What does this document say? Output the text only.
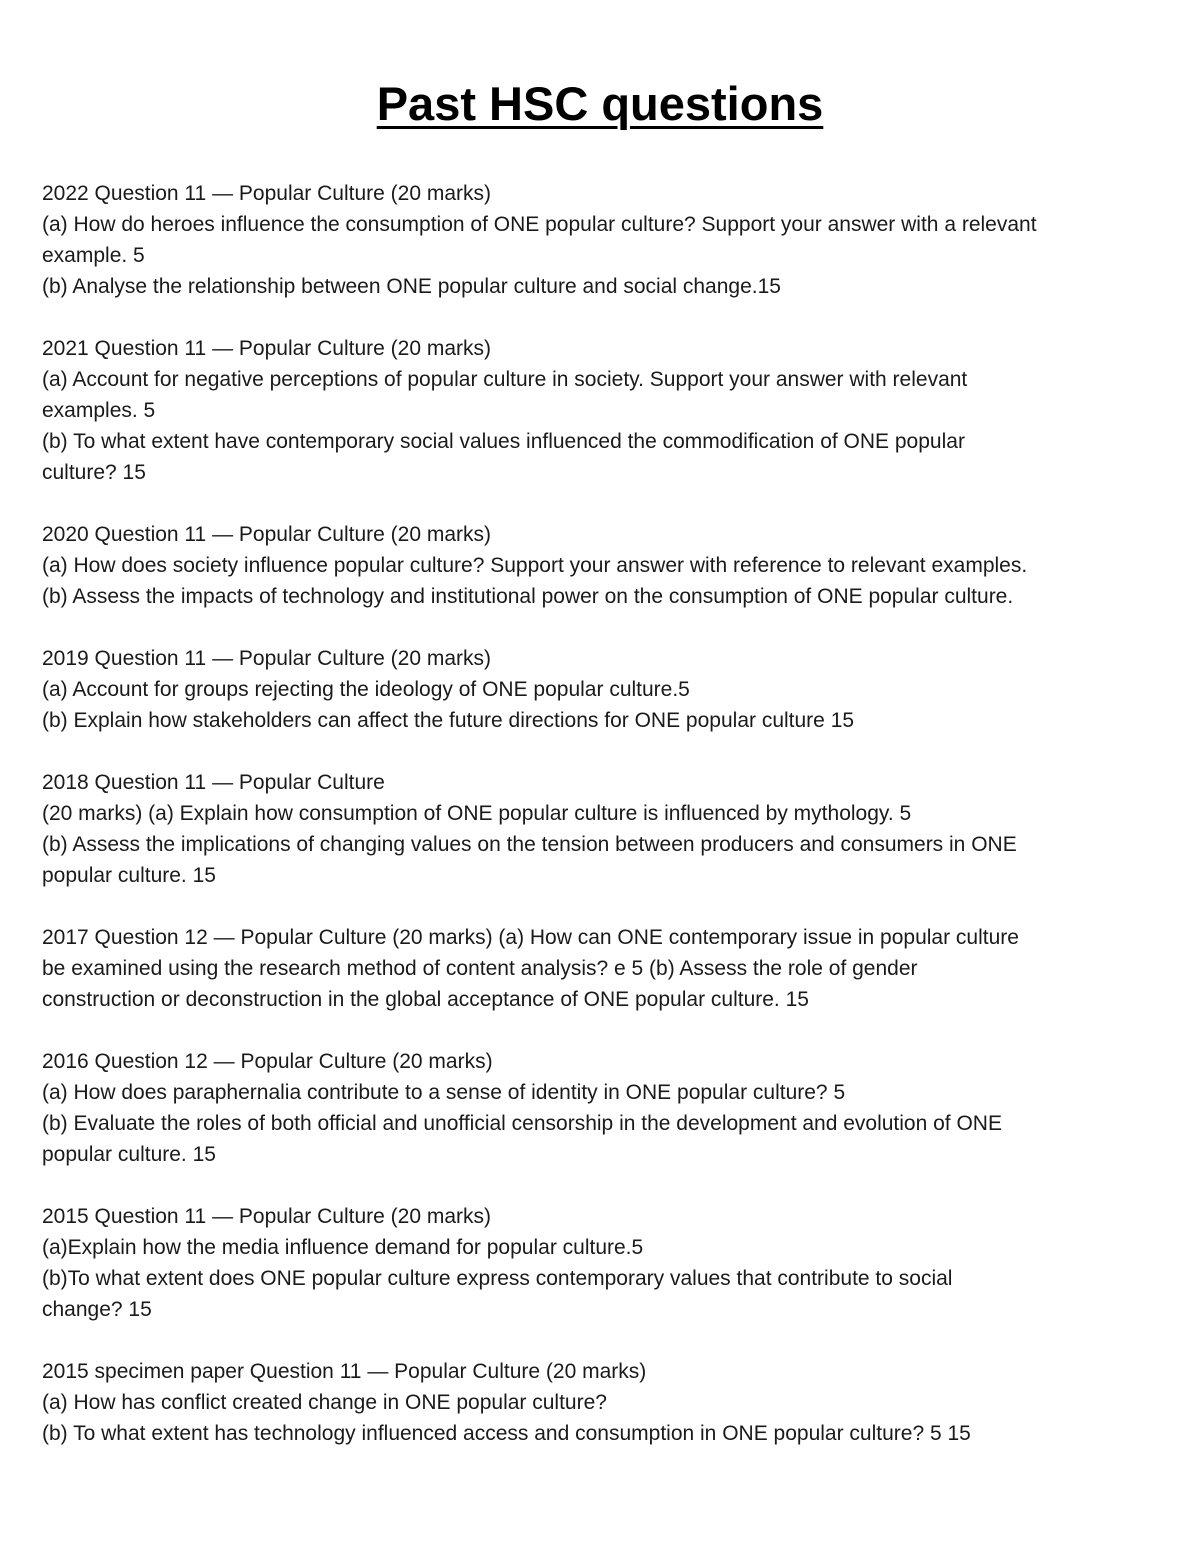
Past HSC questions
2022 Question 11 — Popular Culture (20 marks)
(a) How do heroes influence the consumption of ONE popular culture? Support your answer with a relevant
example. 5
(b) Analyse the relationship between ONE popular culture and social change.15
2021 Question 11 — Popular Culture (20 marks)
(a) Account for negative perceptions of popular culture in society. Support your answer with relevant
examples. 5
(b) To what extent have contemporary social values influenced the commodification of ONE popular
culture? 15
2020 Question 11 — Popular Culture (20 marks)
(a) How does society influence popular culture? Support your answer with reference to relevant examples.
(b) Assess the impacts of technology and institutional power on the consumption of ONE popular culture.
2019 Question 11 — Popular Culture (20 marks)
(a) Account for groups rejecting the ideology of ONE popular culture.5
(b) Explain how stakeholders can affect the future directions for ONE popular culture 15
2018 Question 11 — Popular Culture
(20 marks) (a) Explain how consumption of ONE popular culture is influenced by mythology. 5
(b) Assess the implications of changing values on the tension between producers and consumers in ONE
popular culture. 15
2017 Question 12 — Popular Culture (20 marks) (a) How can ONE contemporary issue in popular culture
be examined using the research method of content analysis? e 5 (b) Assess the role of gender
construction or deconstruction in the global acceptance of ONE popular culture. 15
2016 Question 12 — Popular Culture (20 marks)
(a) How does paraphernalia contribute to a sense of identity in ONE popular culture? 5
(b) Evaluate the roles of both official and unofficial censorship in the development and evolution of ONE
popular culture. 15
2015 Question 11 — Popular Culture (20 marks)
(a)Explain how the media influence demand for popular culture.5
(b)To what extent does ONE popular culture express contemporary values that contribute to social
change? 15
2015 specimen paper Question 11 — Popular Culture (20 marks)
(a) How has conflict created change in ONE popular culture?
(b) To what extent has technology influenced access and consumption in ONE popular culture? 5 15
